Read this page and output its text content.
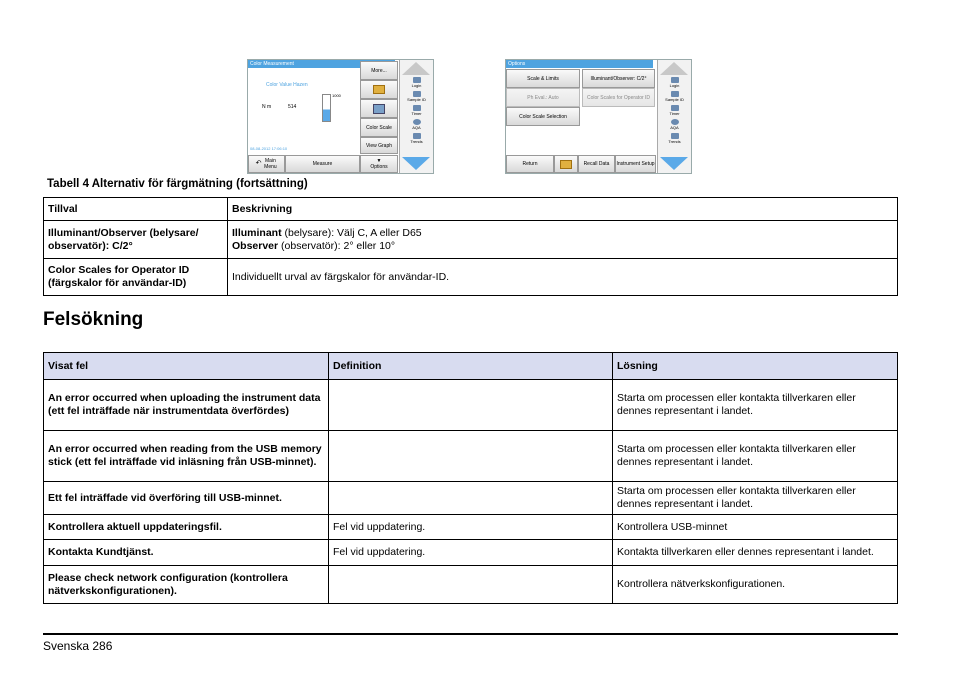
Color Measurement
Color Value Hazen
N m	514
1000
08-08-2012 17:06:10
More...
Color Scale
View Graph
↶ Main Menu	Measure
▼
Options
Login
Sample ID
Timer
AQA
Trends
Options
Scale & Limits	Illuminant/Observer: C/2°
Ph Eval.: Auto	Color Scales for Operator ID
Color Scale Selection
Return	Recall Data	Instrument Setup
Login
Sample ID
Timer
AQA
Trends
Tabell 4 Alternativ för färgmätning (fortsättning)
Tillval	Beskrivning
Illuminant/Observer (belysare/ observatör): C/2°	Illuminant (belysare): Välj C, A eller D65
Observer (observatör): 2° eller 10°

Color Scales for Operator ID (färgskalor för användar-ID)	Individuellt urval av färgskalor för användar-ID.
Felsökning
Visat fel	Definition	Lösning
An error occurred when uploading the instrument data (ett fel inträffade när instrumentdata överfördes)		Starta om processen eller kontakta tillverkaren eller dennes representant i landet.
An error occurred when reading from the USB memory stick (ett fel inträffade vid inläsning från USB-minnet).		Starta om processen eller kontakta tillverkaren eller dennes representant i landet.
Ett fel inträffade vid överföring till USB-minnet.		Starta om processen eller kontakta tillverkaren eller dennes representant i landet.
Kontrollera aktuell uppdateringsfil.	Fel vid uppdatering.	Kontrollera USB-minnet
Kontakta Kundtjänst.	Fel vid uppdatering.	Kontakta tillverkaren eller dennes representant i landet.
Please check network configuration (kontrollera nätverkskonfigurationen).		Kontrollera nätverkskonfigurationen.
Svenska 286
